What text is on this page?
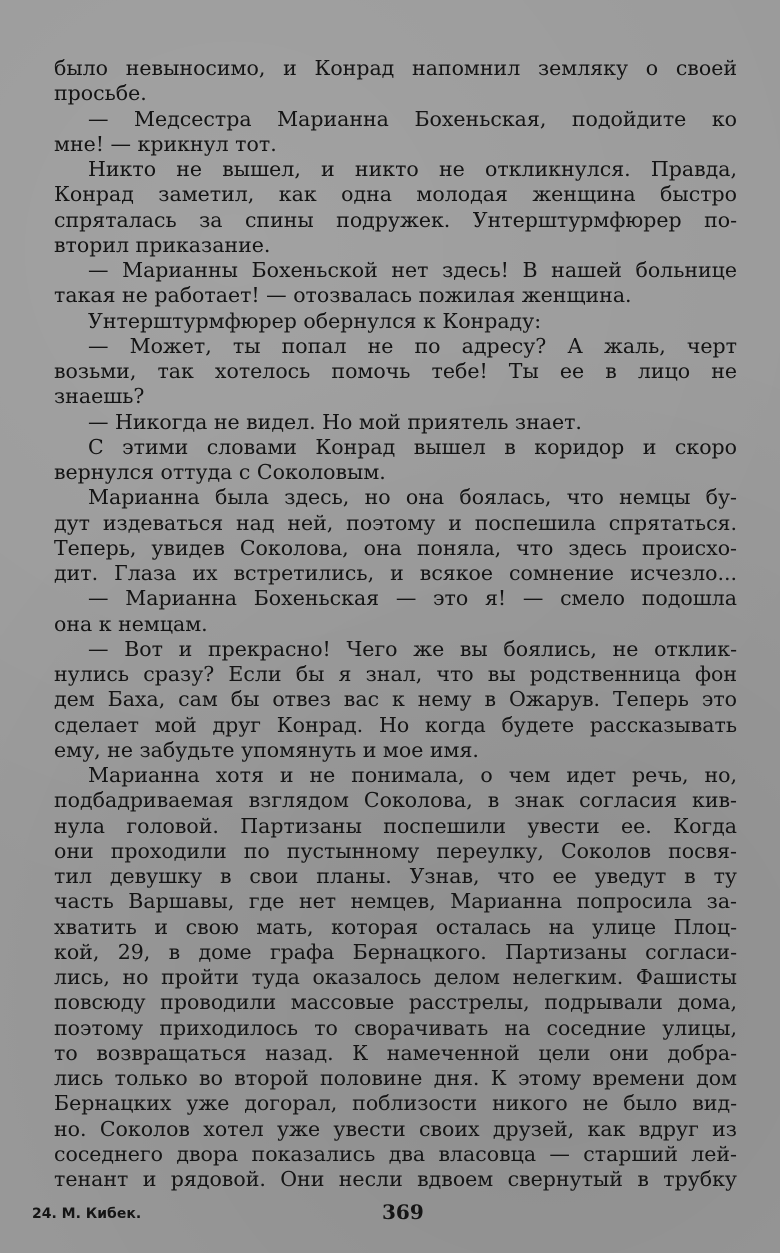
было невыносимо, и Конрад напомнил земляку о своей
просьбе.
— Медсестра Марианна Бохеньская, подойдите ко
мне! — крикнул тот.
Никто не вышел, и никто не откликнулся. Правда,
Конрад заметил, как одна молодая женщина быстро
спряталась за спины подружек. Унтерштурмфюрер по-
вторил приказание.
— Марианны Бохеньской нет здесь! В нашей больнице
такая не работает! — отозвалась пожилая женщина.
Унтерштурмфюрер обернулся к Конраду:
— Может, ты попал не по адресу? А жаль, черт
возьми, так хотелось помочь тебе! Ты ее в лицо не
знаешь?
— Никогда не видел. Но мой приятель знает.
С этими словами Конрад вышел в коридор и скоро
вернулся оттуда с Соколовым.
Марианна была здесь, но она боялась, что немцы бу-
дут издеваться над ней, поэтому и поспешила спрятаться.
Теперь, увидев Соколова, она поняла, что здесь происхо-
дит. Глаза их встретились, и всякое сомнение исчезло...
— Марианна Бохеньская — это я! — смело подошла
она к немцам.
— Вот и прекрасно! Чего же вы боялись, не отклик-
нулись сразу? Если бы я знал, что вы родственница фон
дем Баха, сам бы отвез вас к нему в Ожарув. Теперь это
сделает мой друг Конрад. Но когда будете рассказывать
ему, не забудьте упомянуть и мое имя.
Марианна хотя и не понимала, о чем идет речь, но,
подбадриваемая взглядом Соколова, в знак согласия кив-
нула головой. Партизаны поспешили увести ее. Когда
они проходили по пустынному переулку, Соколов посвя-
тил девушку в свои планы. Узнав, что ее уведут в ту
часть Варшавы, где нет немцев, Марианна попросила за-
хватить и свою мать, которая осталась на улице Плоц-
кой, 29, в доме графа Бернацкого. Партизаны согласи-
лись, но пройти туда оказалось делом нелегким. Фашисты
повсюду проводили массовые расстрелы, подрывали дома,
поэтому приходилось то сворачивать на соседние улицы,
то возвращаться назад. К намеченной цели они добра-
лись только во второй половине дня. К этому времени дом
Бернацких уже догорал, поблизости никого не было вид-
но. Соколов хотел уже увести своих друзей, как вдруг из
соседнего двора показались два власовца — старший лей-
тенант и рядовой. Они несли вдвоем свернутый в трубку
24. М. Кибек.	369
